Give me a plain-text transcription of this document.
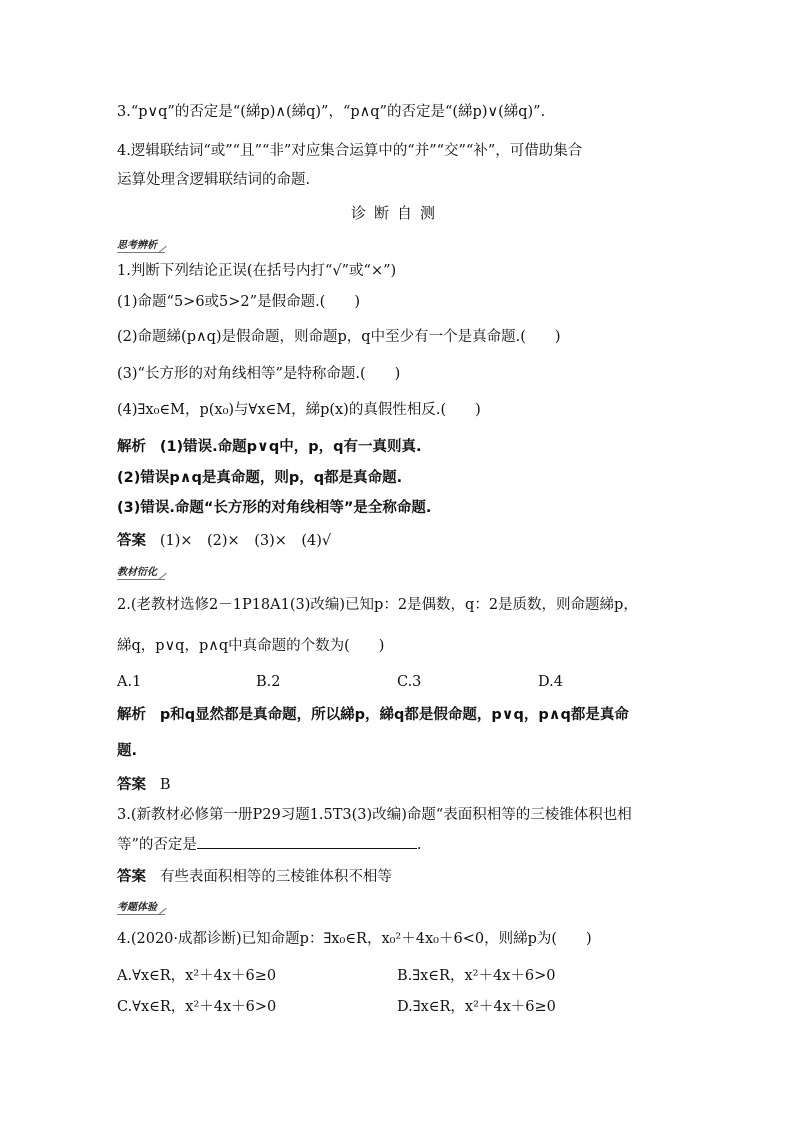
3.“p∨q”的否定是“(綈p)∧(綈q)”，“p∧q”的否定是“(綈p)∨(綈q)”.
4.逻辑联结词“或”“且”“非”对应集合运算中的“并”“交”“补”，可借助集合
运算处理含逻辑联结词的命题.
诊断自测
思考辨析
1.判断下列结论正误(在括号内打“√”或“×”)
(1)命题“5>6或5>2”是假命题.(　　)
(2)命题綈(p∧q)是假命题，则命题p，q中至少有一个是真命题.(　　)
(3)“长方形的对角线相等”是特称命题.(　　)
(4)∃x₀∈M，p(x₀)与∀x∈M，綈p(x)的真假性相反.(　　)
解析 (1)错误.命题p∨q中，p，q有一真则真.
(2)错误p∧q是真命题，则p，q都是真命题.
(3)错误.命题“长方形的对角线相等”是全称命题.
答案 (1)×　(2)×　(3)×　(4)√
教材衍化
2.(老教材选修2－1P18A1(3)改编)已知p：2是偶数，q：2是质数，则命题綈p，
綈q，p∨q，p∧q中真命题的个数为(　　)
A.1	B.2	C.3	D.4
解析 p和q显然都是真命题，所以綈p，綈q都是假命题，p∨q，p∧q都是真命
题.
答案 B
3.(新教材必修第一册P29习题1.5T3(3)改编)命题“表面积相等的三棱锥体积也相
等”的否定是	.
答案 有些表面积相等的三棱锥体积不相等
考题体验
4.(2020·成都诊断)已知命题p：∃x₀∈R，x₀²＋4x₀＋6<0，则綈p为(　　)
A.∀x∈R，x²＋4x＋6≥0	B.∃x∈R，x²＋4x＋6>0
C.∀x∈R，x²＋4x＋6>0	D.∃x∈R，x²＋4x＋6≥0
